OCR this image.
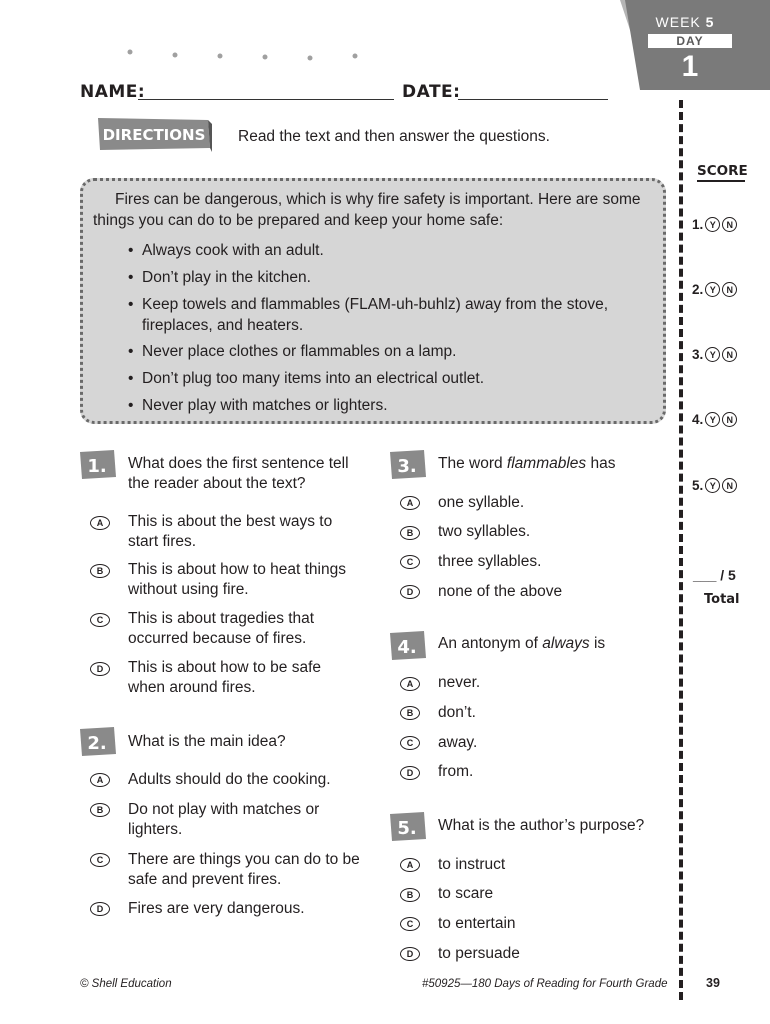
WEEK 5
DAY
1
NAME:	DATE:
DIRECTIONS Read the text and then answer the questions.
Fires can be dangerous, which is why fire safety is important. Here are some things you can do to be prepared and keep your home safe:
• Always cook with an adult.
• Don’t play in the kitchen.
• Keep towels and flammables (FLAM-uh-buhlz) away from the stove, fireplaces, and heaters.
• Never place clothes or flammables on a lamp.
• Don’t plug too many items into an electrical outlet.
• Never play with matches or lighters.
SCORE
1. Y	N
2. Y	N
3. Y	N
4. Y	N
5. Y	N
___ / 5
Total
1. What does the first sentence tell the reader about the text?
A	This is about the best ways to start fires.
B	This is about how to heat things without using fire.
C	This is about tragedies that occurred because of fires.
D	This is about how to be safe when around fires.
2. What is the main idea?
A	Adults should do the cooking.
B	Do not play with matches or lighters.
C	There are things you can do to be safe and prevent fires.
D	Fires are very dangerous.
3. The word flammables has
A	one syllable.
B	two syllables.
C	three syllables.
D	none of the above
4. An antonym of always is
A	never.
B	don’t.
C	away.
D	from.
5. What is the author’s purpose?
A	to instruct
B	to scare
C	to entertain
D	to persuade
© Shell Education	#50925—180 Days of Reading for Fourth Grade	39
